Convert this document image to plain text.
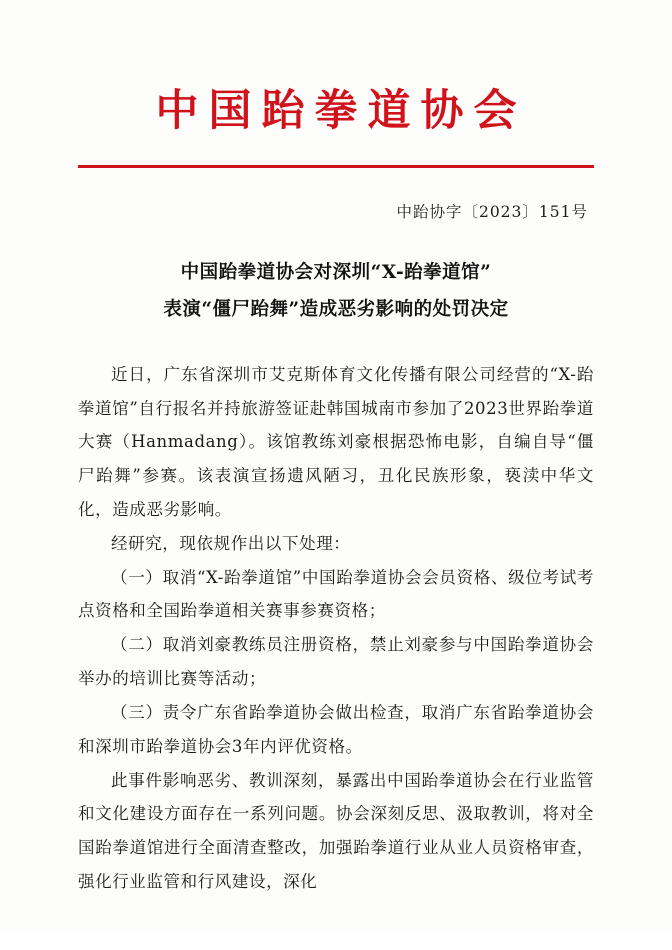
中国跆拳道协会
中跆协字〔2023〕151号
中国跆拳道协会对深圳“X-跆拳道馆”
表演“僵尸跆舞”造成恶劣影响的处罚决定

近日，广东省深圳市艾克斯体育文化传播有限公司经营的“X-跆拳道馆”自行报名并持旅游签证赴韩国城南市参加了2023世界跆拳道大赛（Hanmadang）。该馆教练刘豪根据恐怖电影，自编自导“僵尸跆舞”参赛。该表演宣扬遗风陋习，丑化民族形象，亵渎中华文化，造成恶劣影响。

经研究，现依规作出以下处理：

（一）取消“X-跆拳道馆”中国跆拳道协会会员资格、级位考试考点资格和全国跆拳道相关赛事参赛资格；

（二）取消刘豪教练员注册资格，禁止刘豪参与中国跆拳道协会举办的培训比赛等活动；

（三）责令广东省跆拳道协会做出检查，取消广东省跆拳道协会和深圳市跆拳道协会3年内评优资格。

此事件影响恶劣、教训深刻，暴露出中国跆拳道协会在行业监管和文化建设方面存在一系列问题。协会深刻反思、汲取教训，将对全国跆拳道馆进行全面清查整改，加强跆拳道行业从业人员资格审查，强化行业监管和行风建设，深化
